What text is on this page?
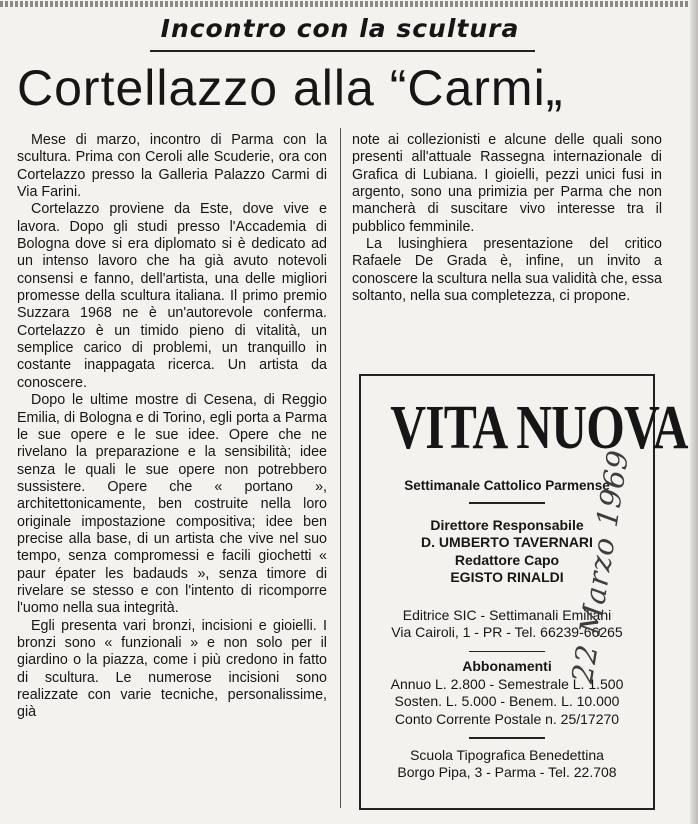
Incontro con la scultura
Cortellazzo alla “Carmi„

Mese di marzo, incontro di Parma con la scultura. Prima con Ceroli alle Scuderie, ora con Cortelazzo presso la Galleria Palazzo Carmi di Via Farini.

Cortelazzo proviene da Este, dove vive e lavora. Dopo gli studi presso l'Accademia di Bologna dove si era diplomato si è dedicato ad un intenso lavoro che ha già avuto notevoli consensi e fanno, dell'artista, una delle migliori promesse della scultura italiana. Il primo premio Suzzara 1968 ne è un'autorevole conferma. Cortelazzo è un timido pieno di vitalità, un semplice carico di problemi, un tranquillo in costante inappagata ricerca. Un artista da conoscere.

Dopo le ultime mostre di Cesena, di Reggio Emilia, di Bologna e di Torino, egli porta a Parma le sue opere e le sue idee. Opere che ne rivelano la preparazione e la sensibilità; idee senza le quali le sue opere non potrebbero sussistere. Opere che « portano », architettonicamente, ben costruite nella loro originale impostazione compositiva; idee ben precise alla base, di un artista che vive nel suo tempo, senza compromessi e facili giochetti « paur épater les badauds », senza timore di rivelare se stesso e con l'intento di ricomporre l'uomo nella sua integrità.

Egli presenta vari bronzi, incisioni e gioielli. I bronzi sono « funzionali » e non solo per il giardino o la piazza, come i più credono in fatto di scultura. Le numerose incisioni sono realizzate con varie tecniche, personalissime, già

note ai collezionisti e alcune delle quali sono presenti all'attuale Rassegna internazionale di Grafica di Lubiana. I gioielli, pezzi unici fusi in argento, sono una primizia per Parma che non mancherà di suscitare vivo interesse tra il pubblico femminile.

La lusinghiera presentazione del critico Rafaele De Grada è, infine, un invito a conoscere la scultura nella sua validità che, essa soltanto, nella sua completezza, ci propone.

VITA NUOVA
Settimanale Cattolico Parmense
Direttore Responsabile
D. UMBERTO TAVERNARI
Redattore Capo
EGISTO RINALDI
Editrice SIC - Settimanali Emiliani
Via Cairoli, 1 - PR - Tel. 66239-66265
Abbonamenti
Annuo L. 2.800 - Semestrale L. 1.500
Sosten. L. 5.000 - Benem. L. 10.000
Conto Corrente Postale n. 25/17270
Scuola Tipografica Benedettina
Borgo Pipa, 3 - Parma - Tel. 22.708
22 Marzo 1969
